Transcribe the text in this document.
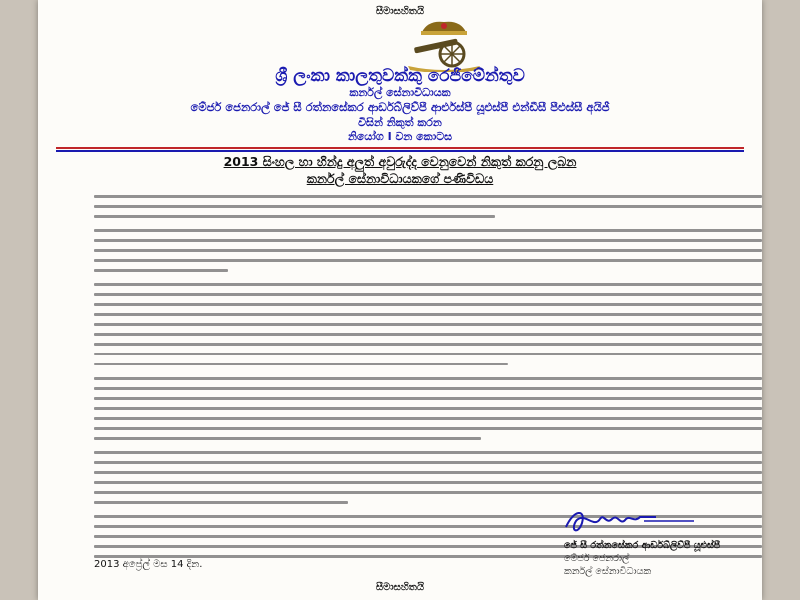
සීමාසහිතයි
ශ්‍රී ලංකා කාලතුවක්කු රෙජිමේන්තුව
කර්නල් සේනාවිධායක
මේජර් ජෙනරාල් ජේ සී රත්නසේකර ආර්ඩබ්ලිව්පී ආර්එස්පී යූඑස්පී එන්ඩීසී පීඑස්සී අයිජී
විසින් නිකුත් කරන
නියෝග I වන කොටස
2013 සිංහල හා හින්දු අලුත් අවුරුද්ද වෙනුවෙන් නිකුත් කරනු ලබන
කර්නල් සේනාවිධායකගේ පණිවිඩය
2013 අප්‍රේල් මස 14 දින.
ජේ සී රත්නසේකර ආර්ඩබ්ලිව්පී යූඑස්පී
මේජර් ජෙනරාල්
කර්නල් සේනාවිධායක
සීමාසහිතයි
